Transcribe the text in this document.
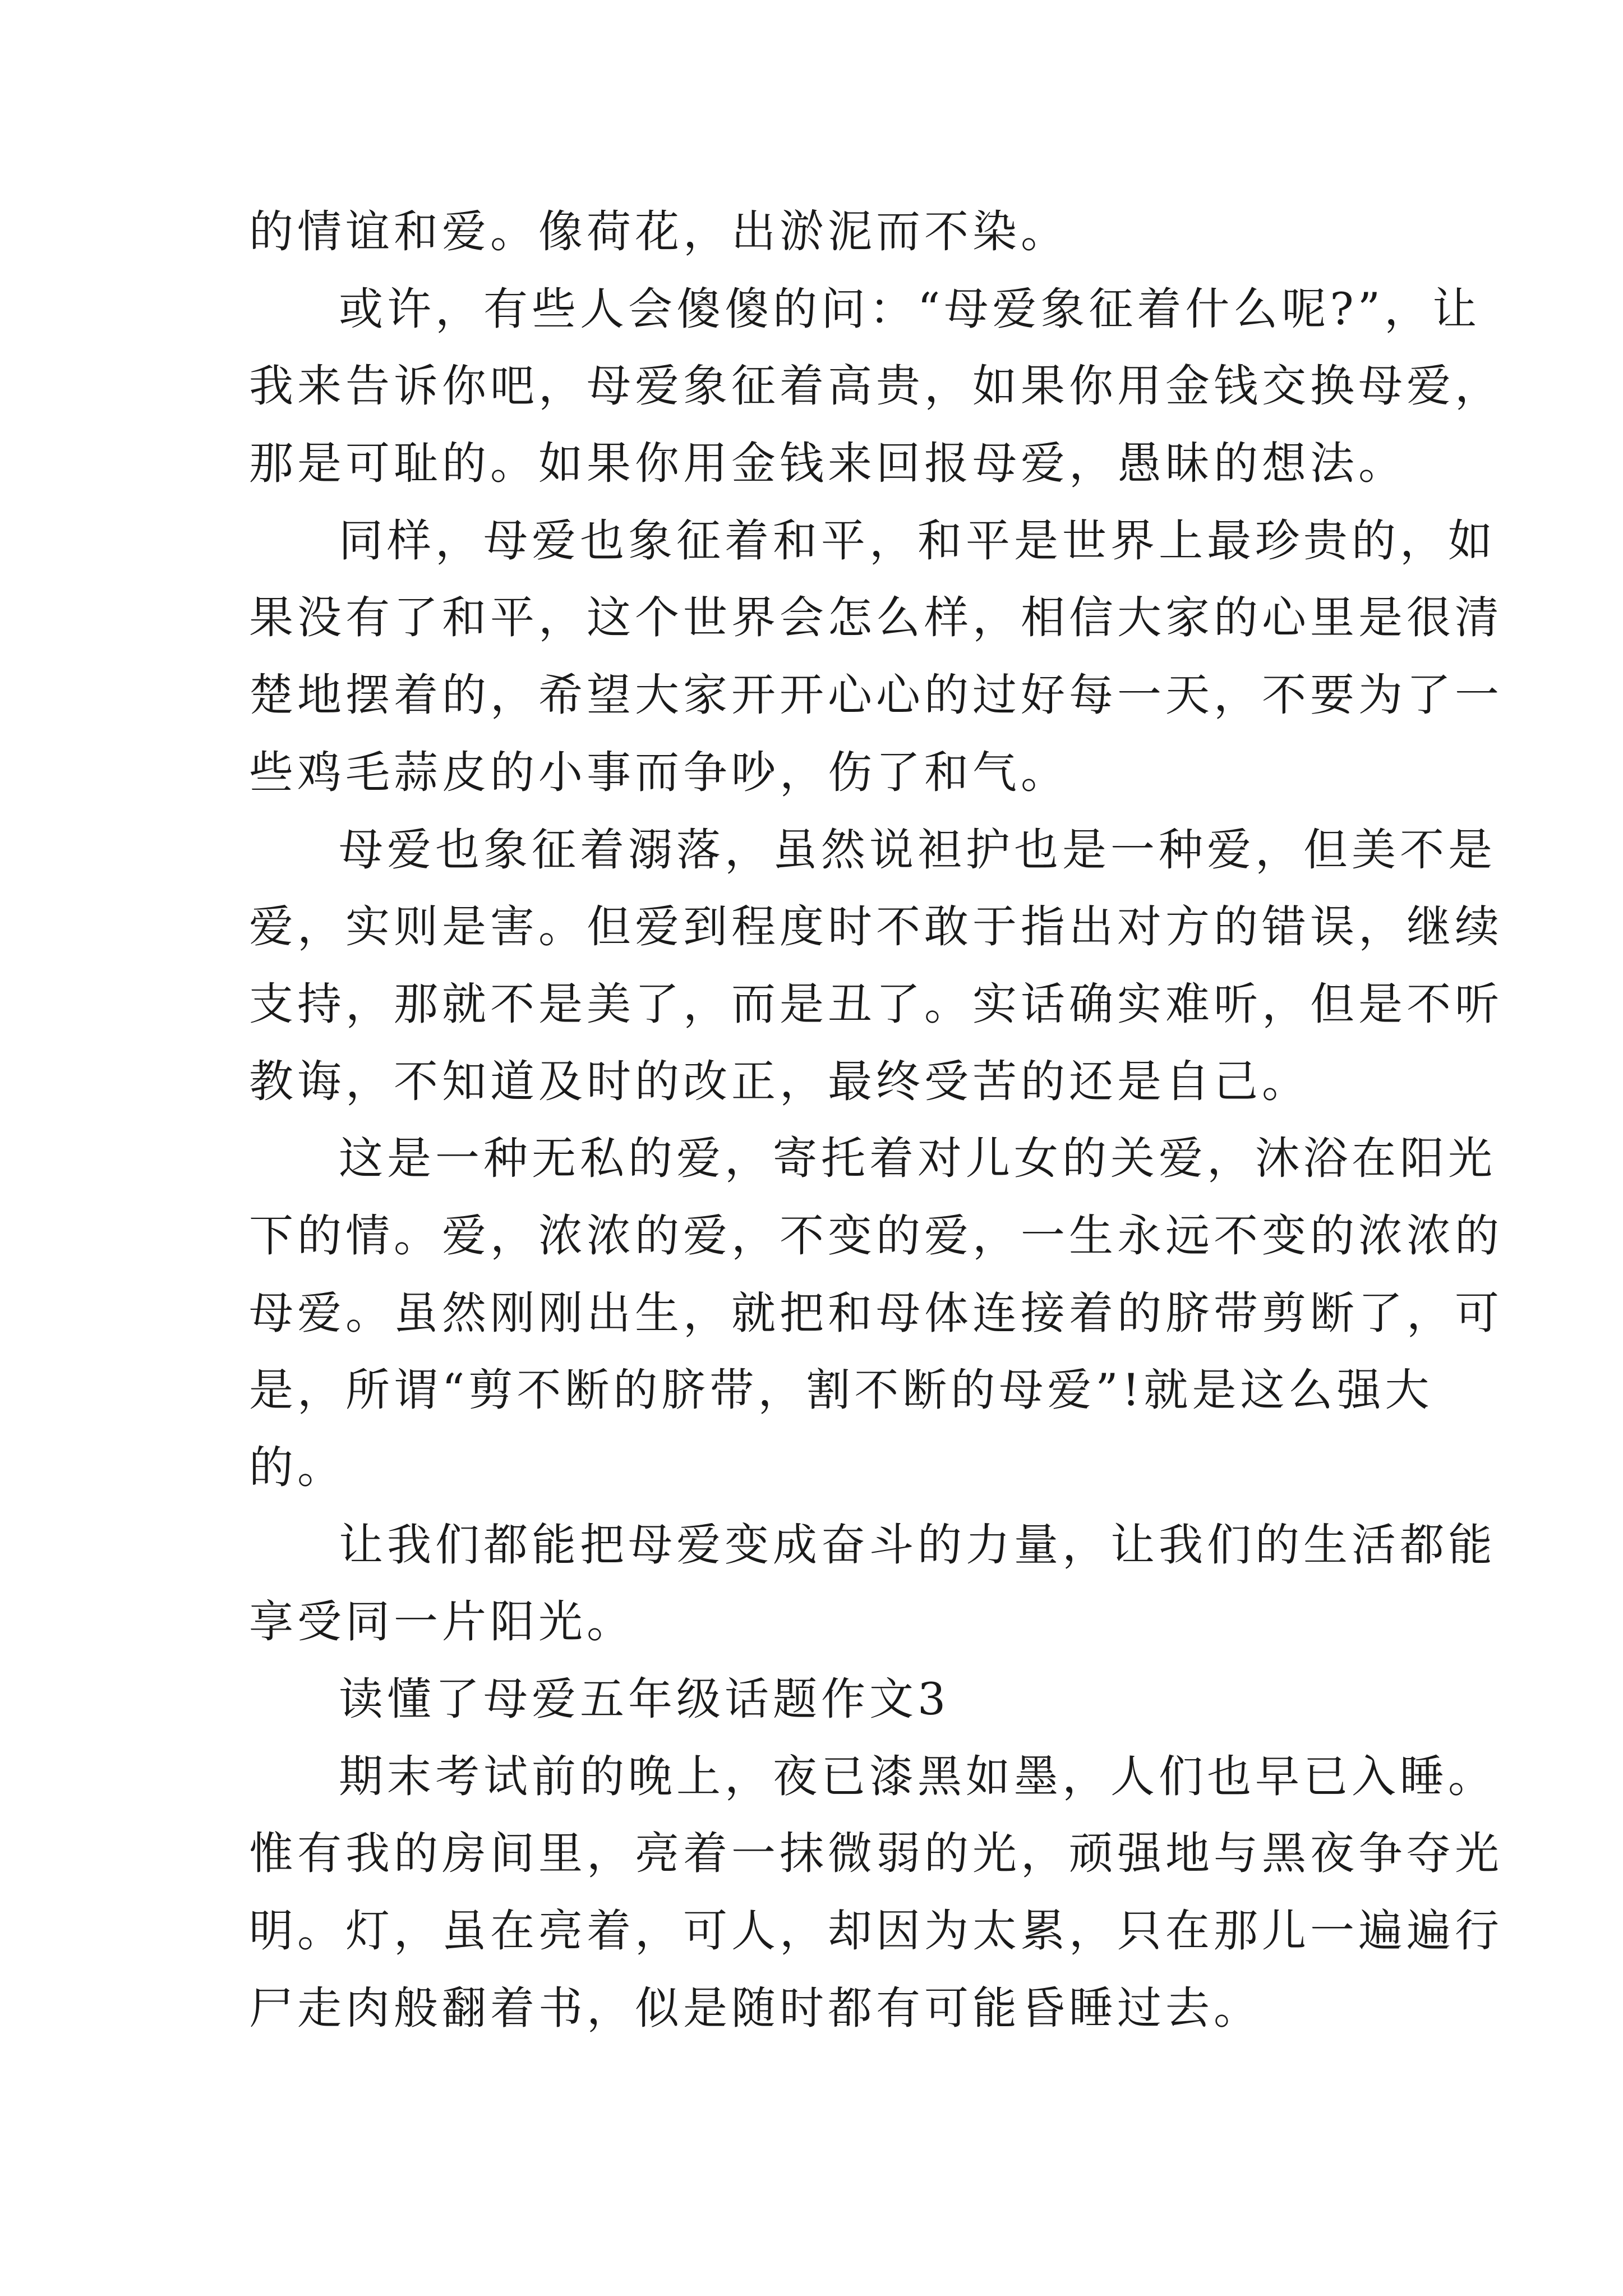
的情谊和爱。像荷花，出淤泥而不染。
或许，有些人会傻傻的问：“母爱象征着什么呢?”，让
我来告诉你吧，母爱象征着高贵，如果你用金钱交换母爱，
那是可耻的。如果你用金钱来回报母爱，愚昧的想法。
同样，母爱也象征着和平，和平是世界上最珍贵的，如
果没有了和平，这个世界会怎么样，相信大家的心里是很清
楚地摆着的，希望大家开开心心的过好每一天，不要为了一
些鸡毛蒜皮的小事而争吵，伤了和气。
母爱也象征着溺落，虽然说袒护也是一种爱，但美不是
爱，实则是害。但爱到程度时不敢于指出对方的错误，继续
支持，那就不是美了，而是丑了。实话确实难听，但是不听
教诲，不知道及时的改正，最终受苦的还是自己。
这是一种无私的爱，寄托着对儿女的关爱，沐浴在阳光
下的情。爱，浓浓的爱，不变的爱，一生永远不变的浓浓的
母爱。虽然刚刚出生，就把和母体连接着的脐带剪断了，可
是，所谓“剪不断的脐带，割不断的母爱”!就是这么强大
的。
让我们都能把母爱变成奋斗的力量，让我们的生活都能
享受同一片阳光。
读懂了母爱五年级话题作文3
期末考试前的晚上，夜已漆黑如墨，人们也早已入睡。
惟有我的房间里，亮着一抹微弱的光，顽强地与黑夜争夺光
明。灯，虽在亮着，可人，却因为太累，只在那儿一遍遍行
尸走肉般翻着书，似是随时都有可能昏睡过去。
